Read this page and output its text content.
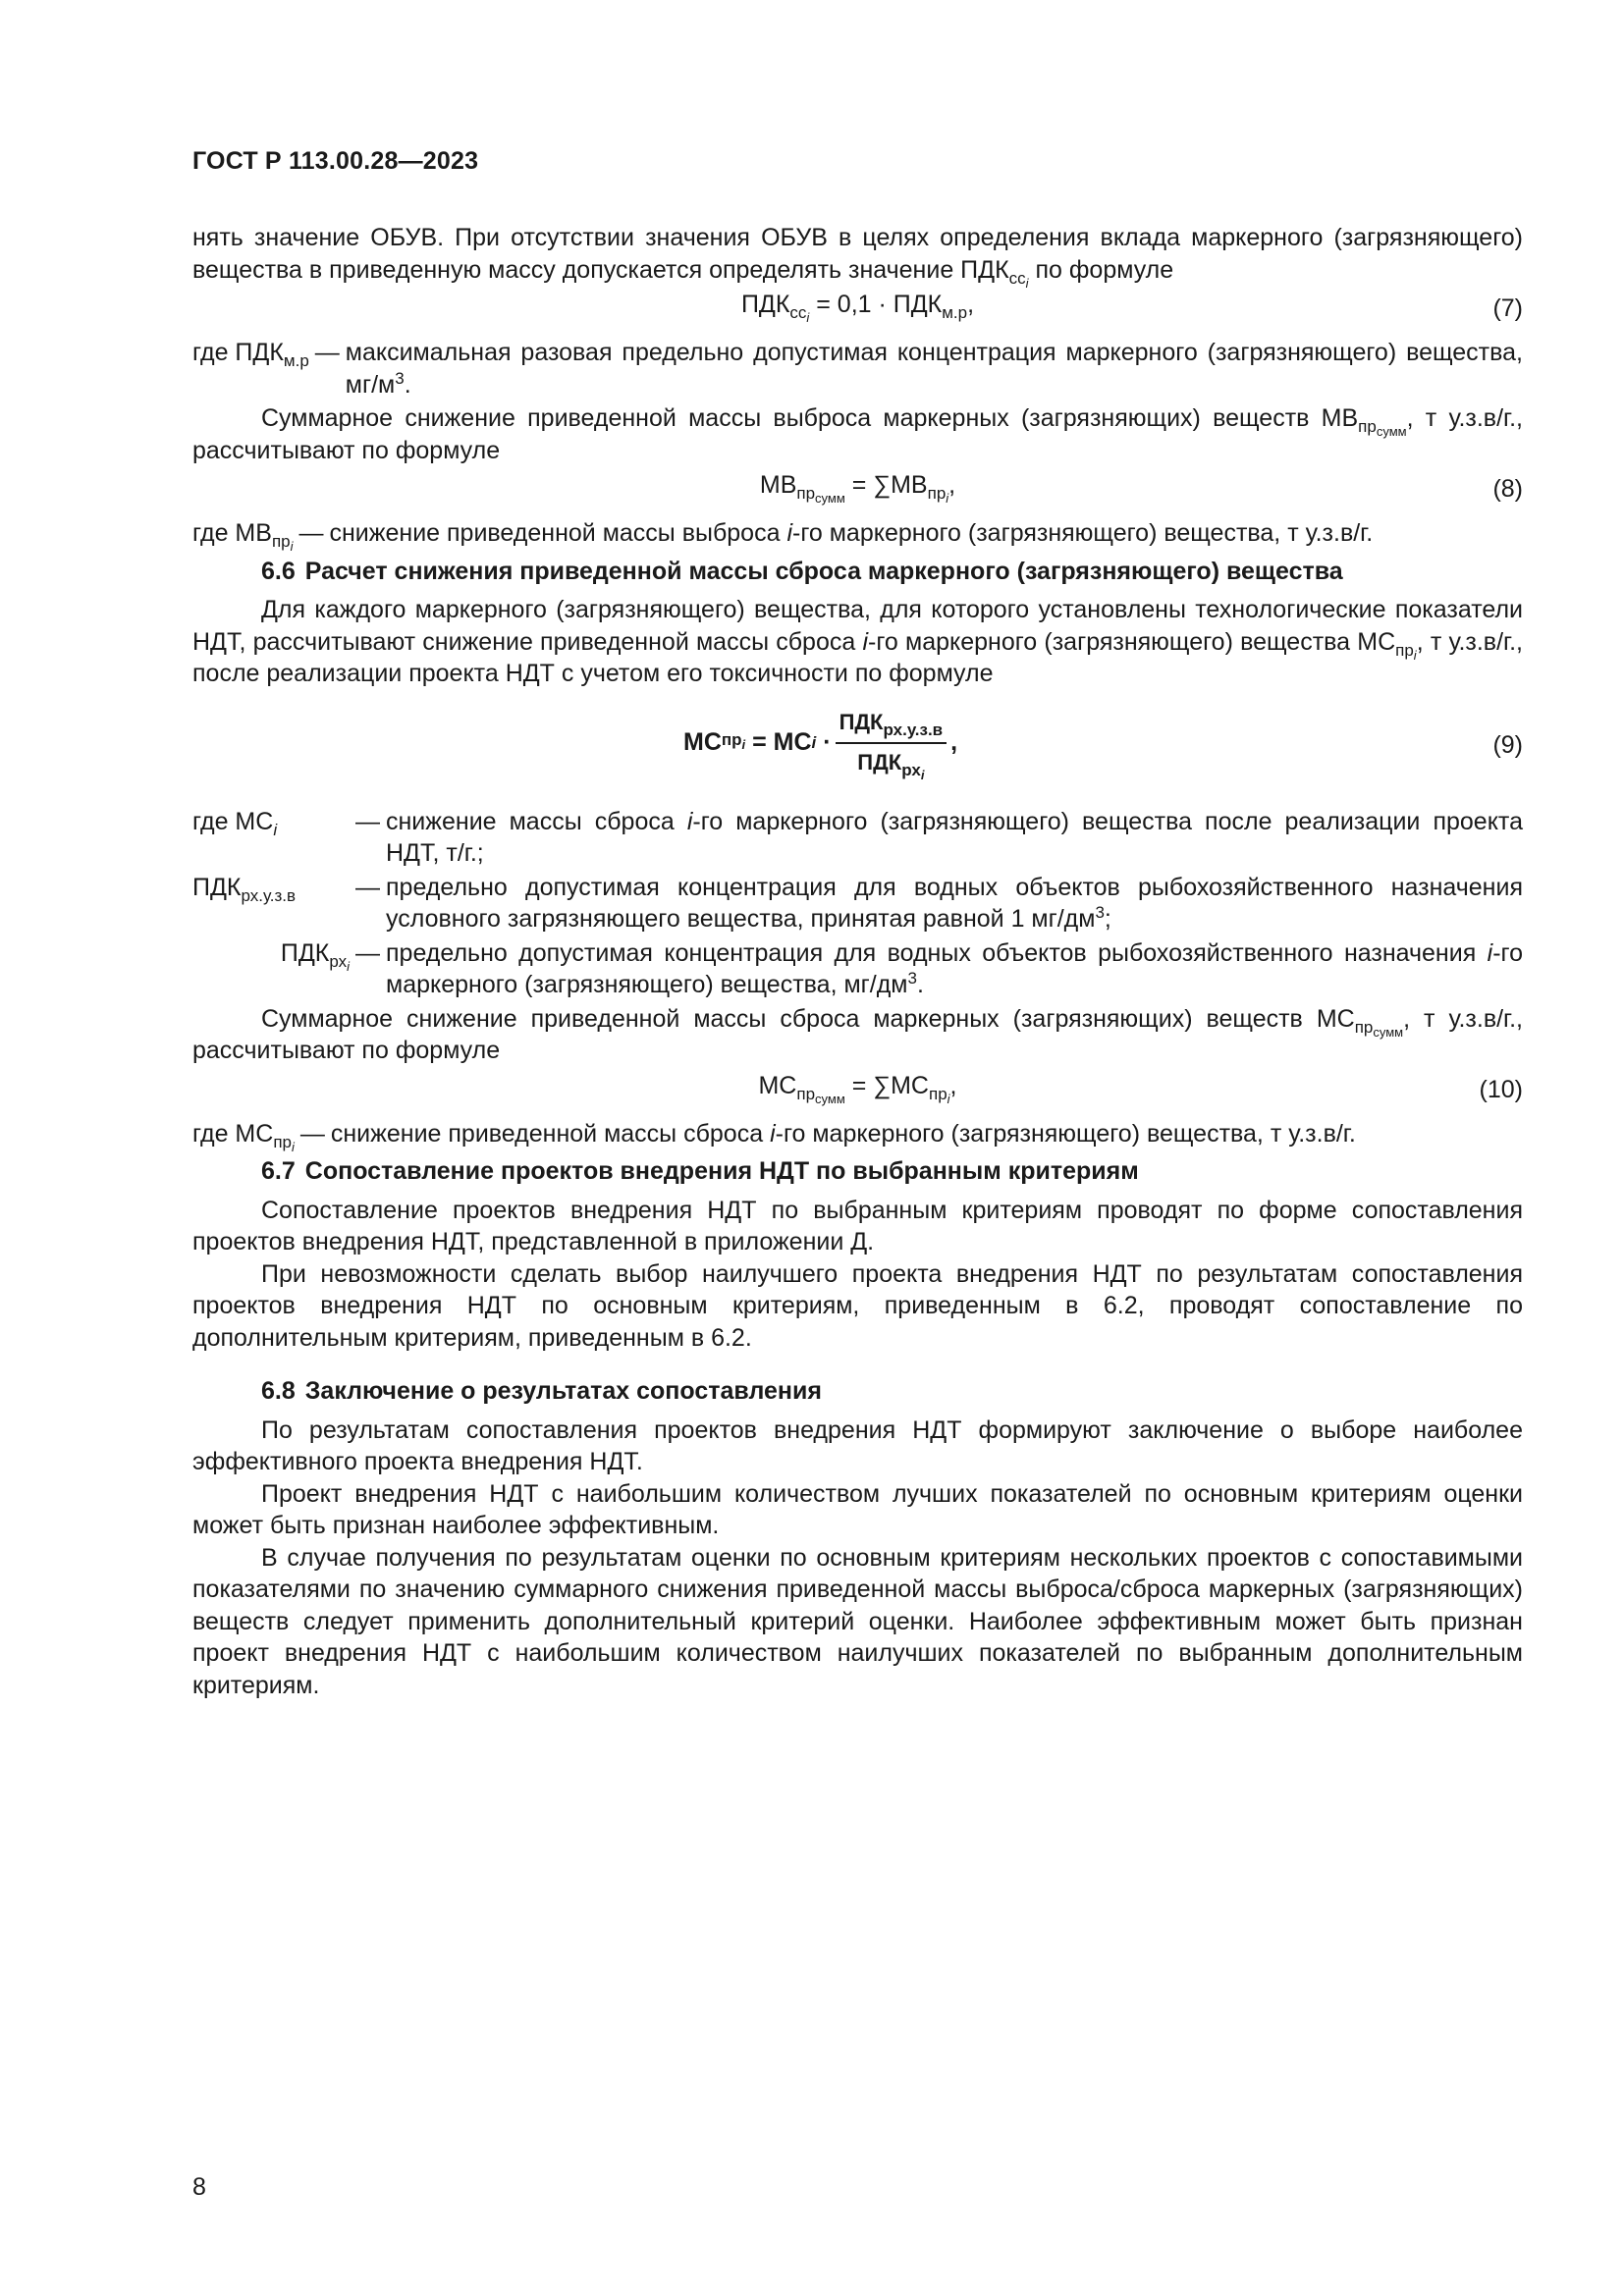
ГОСТ Р 113.00.28—2023

нять значение ОБУВ. При отсутствии значения ОБУВ в целях определения вклада маркерного (загрязняющего) вещества в приведенную массу допускается определять значение $ПДК_{cc_i}$ по формуле

$ПДК_{cc_i} = 0,1 \cdot ПДК_{м.р}$,	(7)
где $ПДК_{м.р}$ — максимальная разовая предельно допустимая концентрация маркерного (загрязняющего) вещества, $мг/м^3$.

Суммарное снижение приведенной массы выброса маркерных (загрязняющих) веществ $МВ_{пр_{сумм}}$, т у.з.в/г., рассчитывают по формуле

$МВ_{пр_{сумм}} = \sum МВ_{пр_i}$,	(8)
где $МВ_{пр_i}$ — снижение приведенной массы выброса i-го маркерного (загрязняющего) вещества, т у.з.в/г.

6.6 Расчет снижения приведенной массы сброса маркерного (загрязняющего) вещества

Для каждого маркерного (загрязняющего) вещества, для которого установлены технологические показатели НДТ, рассчитывают снижение приведенной массы сброса i-го маркерного (загрязняющего) вещества $МС_{пр_i}$, т у.з.в/г., после реализации проекта НДТ с учетом его токсичности по формуле

МС $пр_i$ = МС $i \cdot \frac{ПДК_{рх.у.з.в}}{ПДК_{рх_i}}$ ,	(9)
где $МС_i$	— снижение массы сброса i-го маркерного (загрязняющего) вещества после реализации проекта НДТ, т/г.;
$ПДК_{рх.у.з.в}$	— предельно допустимая концентрация для водных объектов рыбохозяйственного назначения условного загрязняющего вещества, принятая равной 1 $мг/дм^3$;
$ПДК_{рх_i}$ — предельно допустимая концентрация для водных объектов рыбохозяйственного назначения i-го маркерного (загрязняющего) вещества, $мг/дм^3$.

Суммарное снижение приведенной массы сброса маркерных (загрязняющих) веществ $МС_{пр_{сумм}}$, т у.з.в/г., рассчитывают по формуле

$МС_{пр_{сумм}} = \sum МС_{пр_i}$,	(10)
где $МС_{пр_i}$ — снижение приведенной массы сброса i-го маркерного (загрязняющего) вещества, т у.з.в/г.

6.7 Сопоставление проектов внедрения НДТ по выбранным критериям

Сопоставление проектов внедрения НДТ по выбранным критериям проводят по форме сопоставления проектов внедрения НДТ, представленной в приложении Д.

При невозможности сделать выбор наилучшего проекта внедрения НДТ по результатам сопоставления проектов внедрения НДТ по основным критериям, приведенным в 6.2, проводят сопоставление по дополнительным критериям, приведенным в 6.2.

6.8 Заключение о результатах сопоставления

По результатам сопоставления проектов внедрения НДТ формируют заключение о выборе наиболее эффективного проекта внедрения НДТ.

Проект внедрения НДТ с наибольшим количеством лучших показателей по основным критериям оценки может быть признан наиболее эффективным.

В случае получения по результатам оценки по основным критериям нескольких проектов с сопоставимыми показателями по значению суммарного снижения приведенной массы выброса/сброса маркерных (загрязняющих) веществ следует применить дополнительный критерий оценки. Наиболее эффективным может быть признан проект внедрения НДТ с наибольшим количеством наилучших показателей по выбранным дополнительным критериям.

8
